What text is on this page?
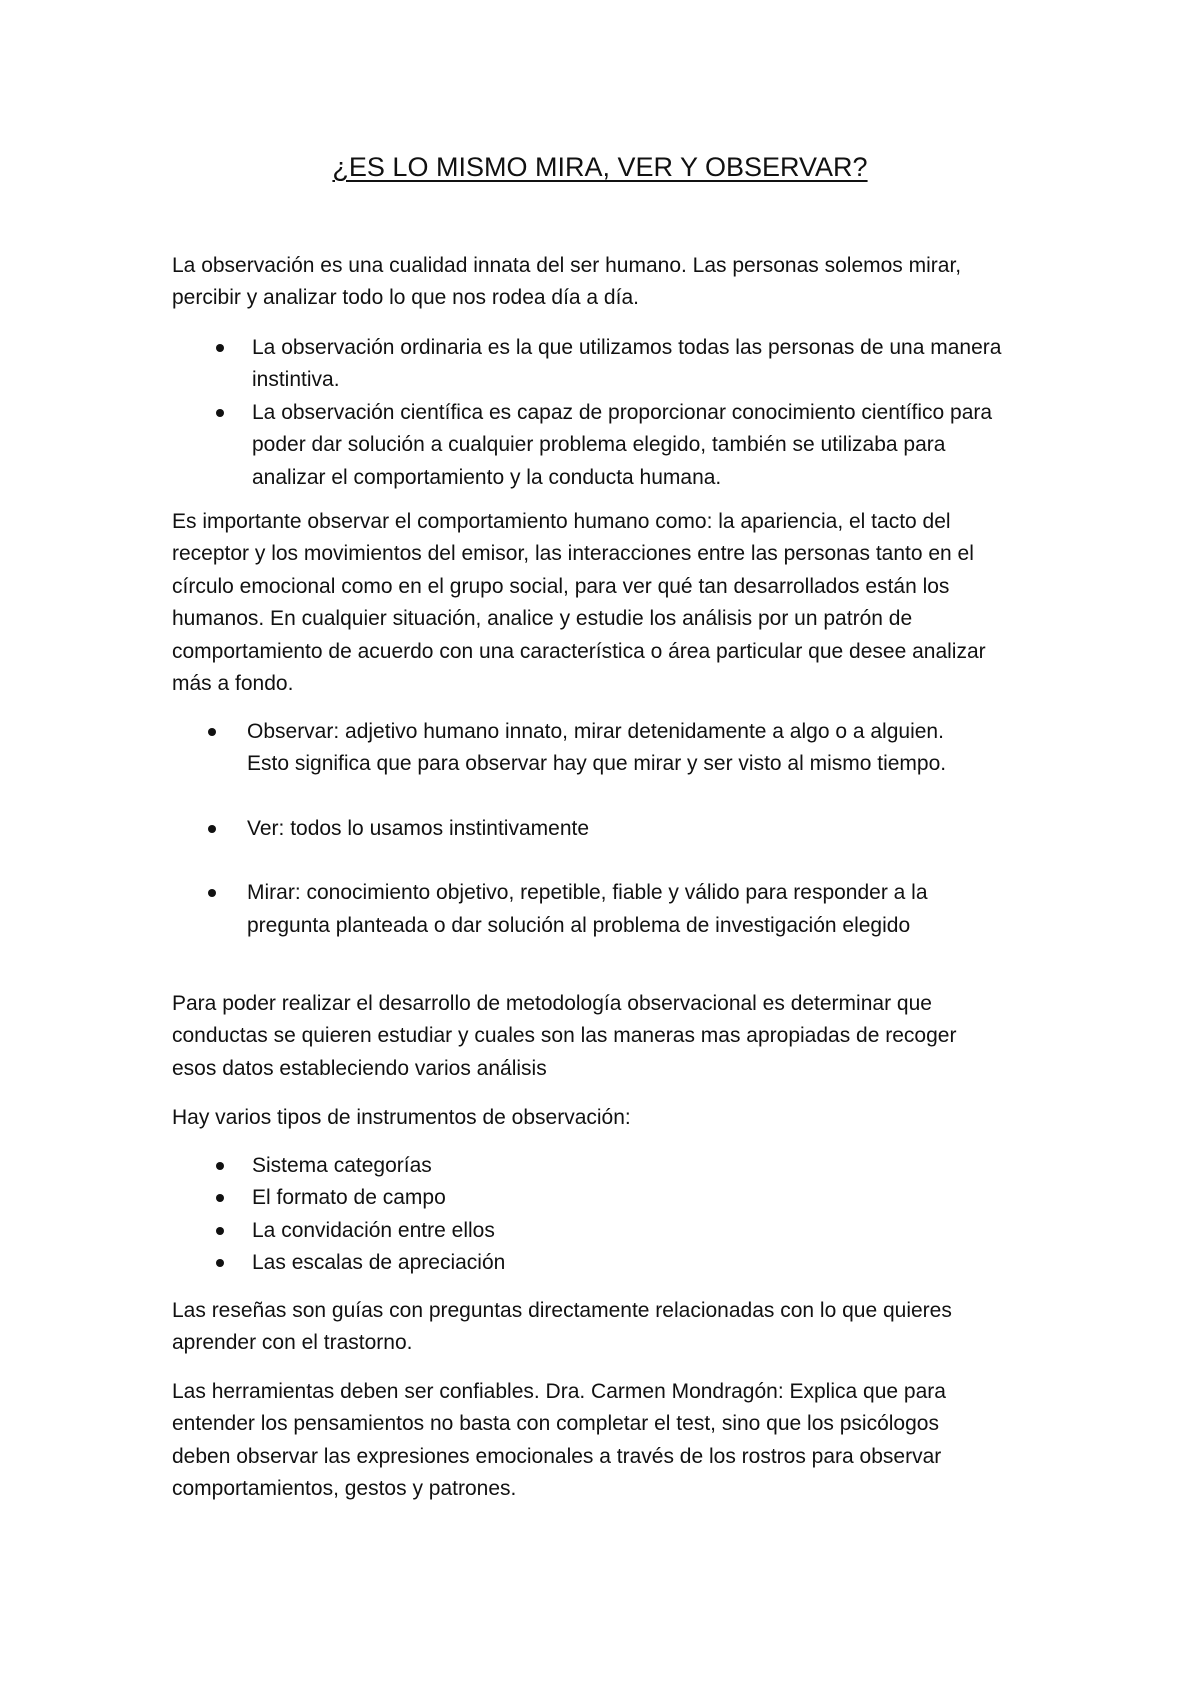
¿ES LO MISMO MIRA, VER Y OBSERVAR?
La observación es una cualidad innata del ser humano. Las personas solemos mirar,
percibir y analizar todo lo que nos rodea día a día.
La observación ordinaria es la que utilizamos todas las personas de una manera
instintiva.
La observación científica es capaz de proporcionar conocimiento científico para
poder dar solución a cualquier problema elegido, también se utilizaba para
analizar el comportamiento y la conducta humana.
Es importante observar el comportamiento humano como: la apariencia, el tacto del
receptor y los movimientos del emisor, las interacciones entre las personas tanto en el
círculo emocional como en el grupo social, para ver qué tan desarrollados están los
humanos. En cualquier situación, analice y estudie los análisis por un patrón de
comportamiento de acuerdo con una característica o área particular que desee analizar
más a fondo.
Observar: adjetivo humano innato, mirar detenidamente a algo o a alguien.
Esto significa que para observar hay que mirar y ser visto al mismo tiempo.
Ver: todos lo usamos instintivamente
Mirar: conocimiento objetivo, repetible, fiable y válido para responder a la
pregunta planteada o dar solución al problema de investigación elegido
Para poder realizar el desarrollo de metodología observacional es determinar que
conductas se quieren estudiar y cuales son las maneras mas apropiadas de recoger
esos datos estableciendo varios análisis
Hay varios tipos de instrumentos de observación:
Sistema categorías
El formato de campo
La convidación entre ellos
Las escalas de apreciación
Las reseñas son guías con preguntas directamente relacionadas con lo que quieres
aprender con el trastorno.
Las herramientas deben ser confiables. Dra. Carmen Mondragón: Explica que para
entender los pensamientos no basta con completar el test, sino que los psicólogos
deben observar las expresiones emocionales a través de los rostros para observar
comportamientos, gestos y patrones.
